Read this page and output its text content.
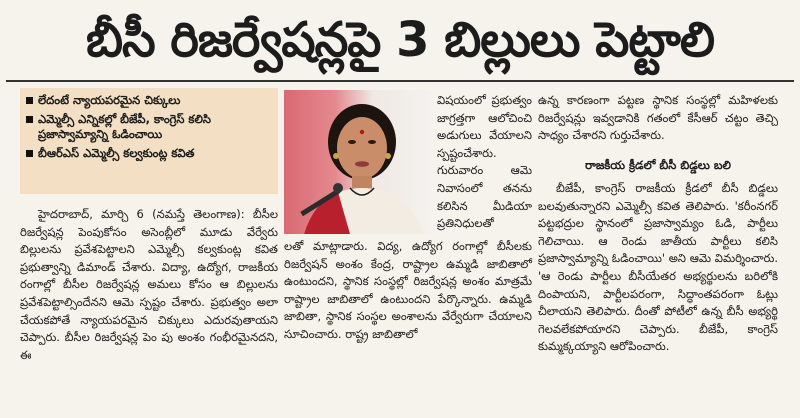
బీసీ రిజర్వేషన్లపై 3 బిల్లులు పెట్టాలి
లేదంటే న్యాయపరమైన చిక్కులు
ఎమ్మెల్సీ ఎన్నికల్లో బీజేపీ, కాంగ్రెస్ కలిసి ప్రజాస్వామ్యాన్ని ఓడించాయి
బీఆర్ఎస్ ఎమ్మెల్సీ కల్వకుంట్ల కవిత

హైదరాబాద్, మార్చి 6 (నమస్తే తెలంగాణ): బీసీల రిజర్వేషన్ల పెంపుకోసం అసెంబ్లీలో మూడు వేర్వేరు బిల్లులను ప్రవేశపెట్టాలని ఎమ్మెల్సీ కల్వకుంట్ల కవిత ప్రభుత్వాన్ని డిమాండ్ చేశారు. విద్యా, ఉద్యోగ, రాజకీయ రంగాల్లో బీసీల రిజర్వేషన్ల అమలు కోసం ఆ బిల్లులను ప్రవేశపెట్టాల్సిందేనని ఆమె స్పష్టం చేశారు. ప్రభుత్వం అలా చేయకపోతే న్యాయపరమైన చిక్కులు ఎదురవుతాయని చెప్పారు. బీసీల రిజర్వేషన్ల పెం పు అంశం గంభీరమైనదని, ఈ

విషయంలో ప్రభుత్వం జాగ్రత్తగా ఆలోచించి అడుగులు వేయాలని స్పష్టంచేశారు. గురువారం ఆమె నివాసంలో తనను కలిసిన మీడియా ప్రతినిధులతో

లతో మాట్లాడారు. విద్య, ఉద్యోగ రంగాల్లో బీసీలకు రిజర్వేషన్ అంశం కేంద్ర, రాష్ట్రాల ఉమ్మడి జాబితాలో ఉంటుందని, స్థానిక సంస్థల్లో రిజర్వేషన్ల అంశం మాత్రమే రాష్ట్రాల జాబితాలో ఉంటుందని పేర్కొన్నారు. ఉమ్మడి జాబితా, స్థానిక సంస్థల అంశాలను వేర్వేరుగా చేయాలని సూచించారు. రాష్ట్ర జాబితాలో

ఉన్న కారణంగా పట్టణ స్థానిక సంస్థల్లో మహిళలకు రిజర్వేషన్లు ఇవ్వడానికి గతంలో కేసీఆర్ చట్టం తెచ్చి సాధ్యం చేశారని గుర్తుచేశారు.

రాజకీయ క్రీడలో బీసీ బిడ్డలు బలి

బీజేపీ, కాంగ్రెస్ రాజకీయ క్రీడలో బీసీ బిడ్డలు బలవుతున్నారని ఎమ్మెల్సీ కవిత తెలిపారు. 'కరీంనగర్ పట్టభద్రుల స్థానంలో ప్రజాస్వామ్యం ఓడి, పార్టీలు గెలిచాయి. ఆ రెండు జాతీయ పార్టీలు కలిసి ప్రజాస్వామ్యాన్ని ఓడించాయి' అని ఆమె విమర్శించారు. 'ఆ రెండు పార్టీలు బీసీయేతర అభ్యర్థులను బరిలోకి దింపాయని, పార్టీలపరంగా, సిద్ధాంతపరంగా ఓట్లు చీలాయని తెలిపారు. దీంతో పోటీలో ఉన్న బీసీ అభ్యర్థి గెలవలేకపోయారని చెప్పారు. బీజేపీ, కాంగ్రెస్ కుమ్మక్కయ్యాని ఆరోపించారు.
